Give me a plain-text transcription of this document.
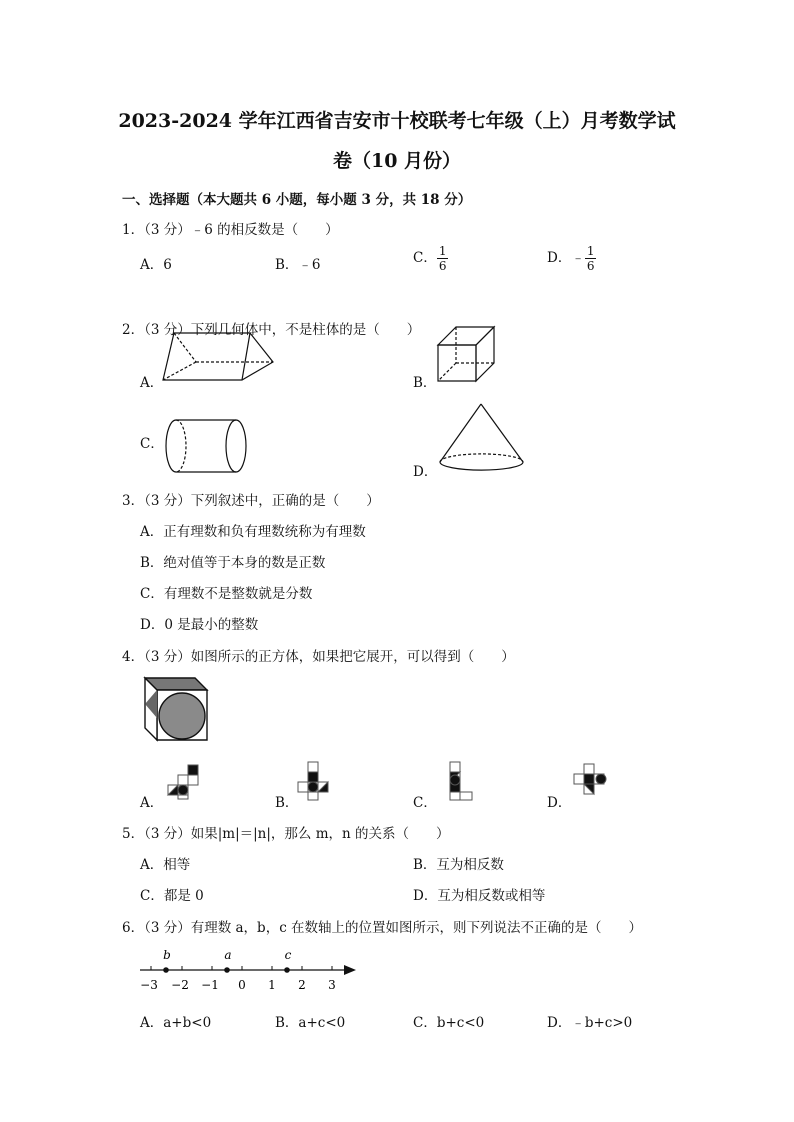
2023-2024 学年江西省吉安市十校联考七年级（上）月考数学试
卷（10 月份）
一、选择题（本大题共 6 小题，每小题 3 分，共 18 分）
1．（3 分）﹣6 的相反数是（　　）
A．6	B．﹣6	C． $\frac{1}{6}$	D．﹣ $\frac{1}{6}$
2．（3 分）下列几何体中，不是柱体的是（　　）
A．	B．
C．
D．
3．（3 分）下列叙述中，正确的是（　　）
A．正有理数和负有理数统称为有理数
B．绝对值等于本身的数是正数
C．有理数不是整数就是分数
D．0 是最小的整数
4．（3 分）如图所示的正方体，如果把它展开，可以得到（　　）
A．	B．	C．	D．
5．（3 分）如果|m|＝|n|，那么 m，n 的关系（　　）
A．相等	B．互为相反数
C．都是 0	D．互为相反数或相等
6．（3 分）有理数 a，b，c 在数轴上的位置如图所示，则下列说法不正确的是（　　）
b	a	c
−3 −2 −1 0 1 2 3
A．a+b<0	B．a+c<0	C．b+c<0	D．﹣b+c>0
